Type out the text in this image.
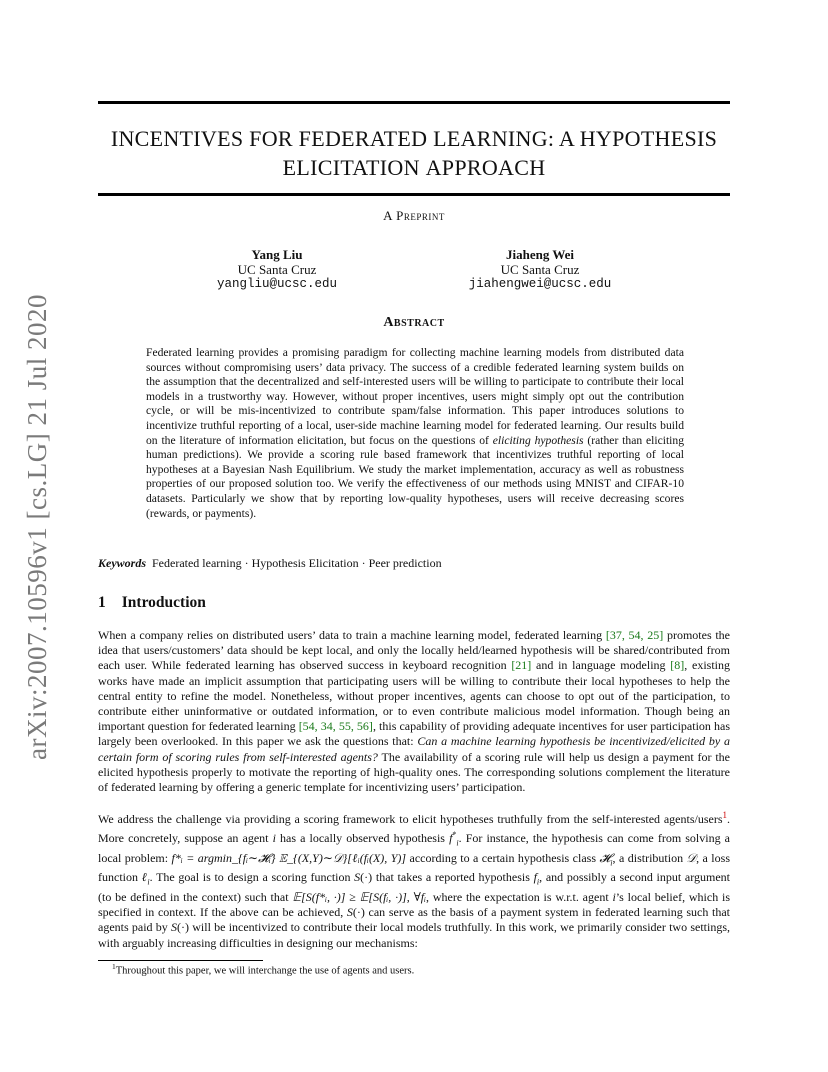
arXiv:2007.10596v1 [cs.LG] 21 Jul 2020
INCENTIVES FOR FEDERATED LEARNING: A HYPOTHESIS
ELICITATION APPROACH
A Preprint
Yang Liu
UC Santa Cruz
yangliu@ucsc.edu
Jiaheng Wei
UC Santa Cruz
jiahengwei@ucsc.edu
Abstract
Federated learning provides a promising paradigm for collecting machine learning models from distributed data sources without compromising users’ data privacy. The success of a credible federated learning system builds on the assumption that the decentralized and self-interested users will be willing to participate to contribute their local models in a trustworthy way. However, without proper incentives, users might simply opt out the contribution cycle, or will be mis-incentivized to contribute spam/false information. This paper introduces solutions to incentivize truthful reporting of a local, user-side machine learning model for federated learning. Our results build on the literature of information elicitation, but focus on the questions of eliciting hypothesis (rather than eliciting human predictions). We provide a scoring rule based framework that incentivizes truthful reporting of local hypotheses at a Bayesian Nash Equilibrium. We study the market implementation, accuracy as well as robustness properties of our proposed solution too. We verify the effectiveness of our methods using MNIST and CIFAR-10 datasets. Particularly we show that by reporting low-quality hypotheses, users will receive decreasing scores (rewards, or payments).
Keywords Federated learning · Hypothesis Elicitation · Peer prediction
1 Introduction
When a company relies on distributed users’ data to train a machine learning model, federated learning [37, 54, 25] promotes the idea that users/customers’ data should be kept local, and only the locally held/learned hypothesis will be shared/contributed from each user. While federated learning has observed success in keyboard recognition [21] and in language modeling [8], existing works have made an implicit assumption that participating users will be willing to contribute their local hypotheses to help the central entity to refine the model. Nonetheless, without proper incentives, agents can choose to opt out of the participation, to contribute either uninformative or outdated information, or to even contribute malicious model information. Though being an important question for federated learning [54, 34, 55, 56], this capability of providing adequate incentives for user participation has largely been overlooked. In this paper we ask the questions that: Can a machine learning hypothesis be incentivized/elicited by a certain form of scoring rules from self-interested agents? The availability of a scoring rule will help us design a payment for the elicited hypothesis properly to motivate the reporting of high-quality ones. The corresponding solutions complement the literature of federated learning by offering a generic template for incentivizing users’ participation.
We address the challenge via providing a scoring framework to elicit hypotheses truthfully from the self-interested agents/users$^1$. More concretely, suppose an agent i has a locally observed hypothesis $f^*_i$. For instance, the hypothesis can come from solving a local problem: f*ᵢ = argmin_{fᵢ∼𝓗ᵢ} 𝔼_{(X,Y)∼𝒟}[ℓᵢ(fᵢ(X), Y)] according to a certain hypothesis class 𝓗$_i$, a distribution 𝒟, a loss function ℓ$_i$. The goal is to design a scoring function S(·) that takes a reported hypothesis $f_i$, and possibly a second input argument (to be defined in the context) such that 𝔼[S(f*ᵢ, ·)] ≥ 𝔼[S(fᵢ, ·)], ∀fᵢ, where the expectation is w.r.t. agent i’s local belief, which is specified in context. If the above can be achieved, S(·) can serve as the basis of a payment system in federated learning such that agents paid by S(·) will be incentivized to contribute their local models truthfully. In this work, we primarily consider two settings, with arguably increasing difficulties in designing our mechanisms:
$^1$Throughout this paper, we will interchange the use of agents and users.
